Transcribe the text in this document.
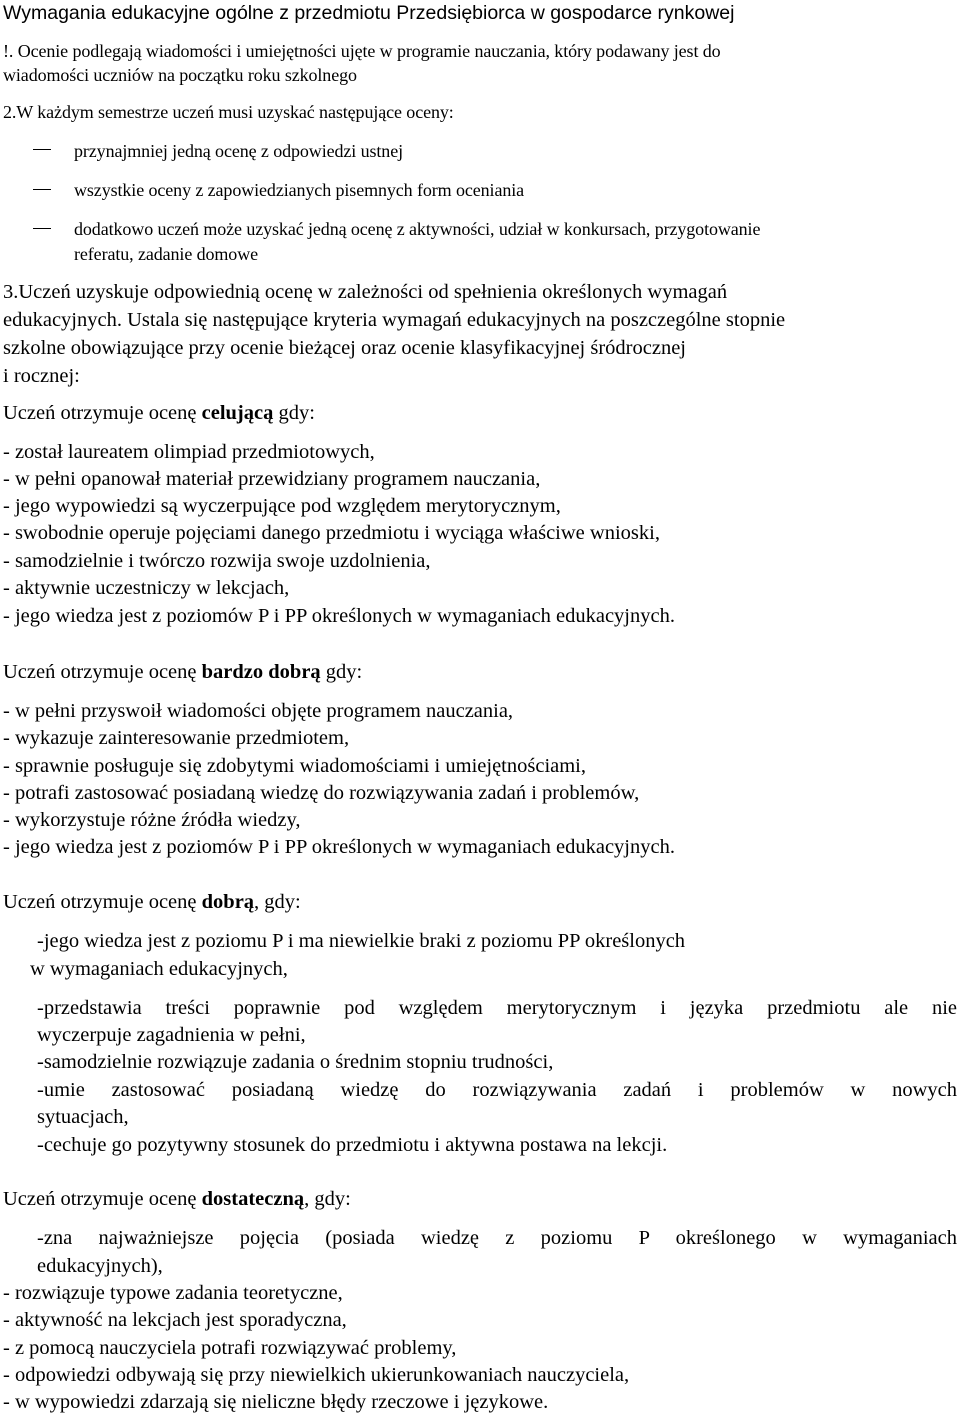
Wymagania edukacyjne ogólne z przedmiotu Przedsiębiorca w gospodarce rynkowej
!. Ocenie podlegają wiadomości i umiejętności ujęte w programie nauczania, który podawany jest do
wiadomości uczniów na początku roku szkolnego
2.W każdym semestrze uczeń musi uzyskać następujące oceny:
przynajmniej jedną ocenę z odpowiedzi ustnej
wszystkie oceny z zapowiedzianych pisemnych form oceniania
dodatkowo uczeń może uzyskać jedną ocenę z aktywności, udział w konkursach, przygotowanie
referatu, zadanie domowe
3.Uczeń uzyskuje odpowiednią ocenę w zależności od spełnienia określonych wymagań
edukacyjnych. Ustala się następujące kryteria wymagań edukacyjnych na poszczególne stopnie
szkolne obowiązujące przy ocenie bieżącej oraz ocenie klasyfikacyjnej śródrocznej
i rocznej:
Uczeń otrzymuje ocenę celującą gdy:
- został laureatem olimpiad przedmiotowych,
- w pełni opanował materiał przewidziany programem nauczania,
- jego wypowiedzi są wyczerpujące pod względem merytorycznym,
- swobodnie operuje pojęciami danego przedmiotu i wyciąga właściwe wnioski,
- samodzielnie i twórczo rozwija swoje uzdolnienia,
- aktywnie uczestniczy w lekcjach,
- jego wiedza jest z poziomów P i PP określonych w wymaganiach edukacyjnych.
Uczeń otrzymuje ocenę bardzo dobrą gdy:
- w pełni przyswoił wiadomości objęte programem nauczania,
- wykazuje zainteresowanie przedmiotem,
- sprawnie posługuje się zdobytymi wiadomościami i umiejętnościami,
- potrafi zastosować posiadaną wiedzę do rozwiązywania zadań i problemów,
- wykorzystuje różne źródła wiedzy,
- jego wiedza jest z poziomów P i PP określonych w wymaganiach edukacyjnych.
Uczeń otrzymuje ocenę dobrą, gdy:
-jego wiedza jest z poziomu P i ma niewielkie braki z poziomu PP określonych
w wymaganiach edukacyjnych,
-przedstawia treści poprawnie pod względem merytorycznym i języka przedmiotu ale nie
wyczerpuje zagadnienia w pełni,
-samodzielnie rozwiązuje zadania o średnim stopniu trudności,
-umie zastosować posiadaną wiedzę do rozwiązywania zadań i problemów w nowych
sytuacjach,
-cechuje go pozytywny stosunek do przedmiotu i aktywna postawa na lekcji.
Uczeń otrzymuje ocenę dostateczną, gdy:
-zna najważniejsze pojęcia (posiada wiedzę z poziomu P określonego w wymaganiach
edukacyjnych),
- rozwiązuje typowe zadania teoretyczne,
- aktywność na lekcjach jest sporadyczna,
- z pomocą nauczyciela potrafi rozwiązywać problemy,
- odpowiedzi odbywają się przy niewielkich ukierunkowaniach nauczyciela,
- w wypowiedzi zdarzają się nieliczne błędy rzeczowe i językowe.
